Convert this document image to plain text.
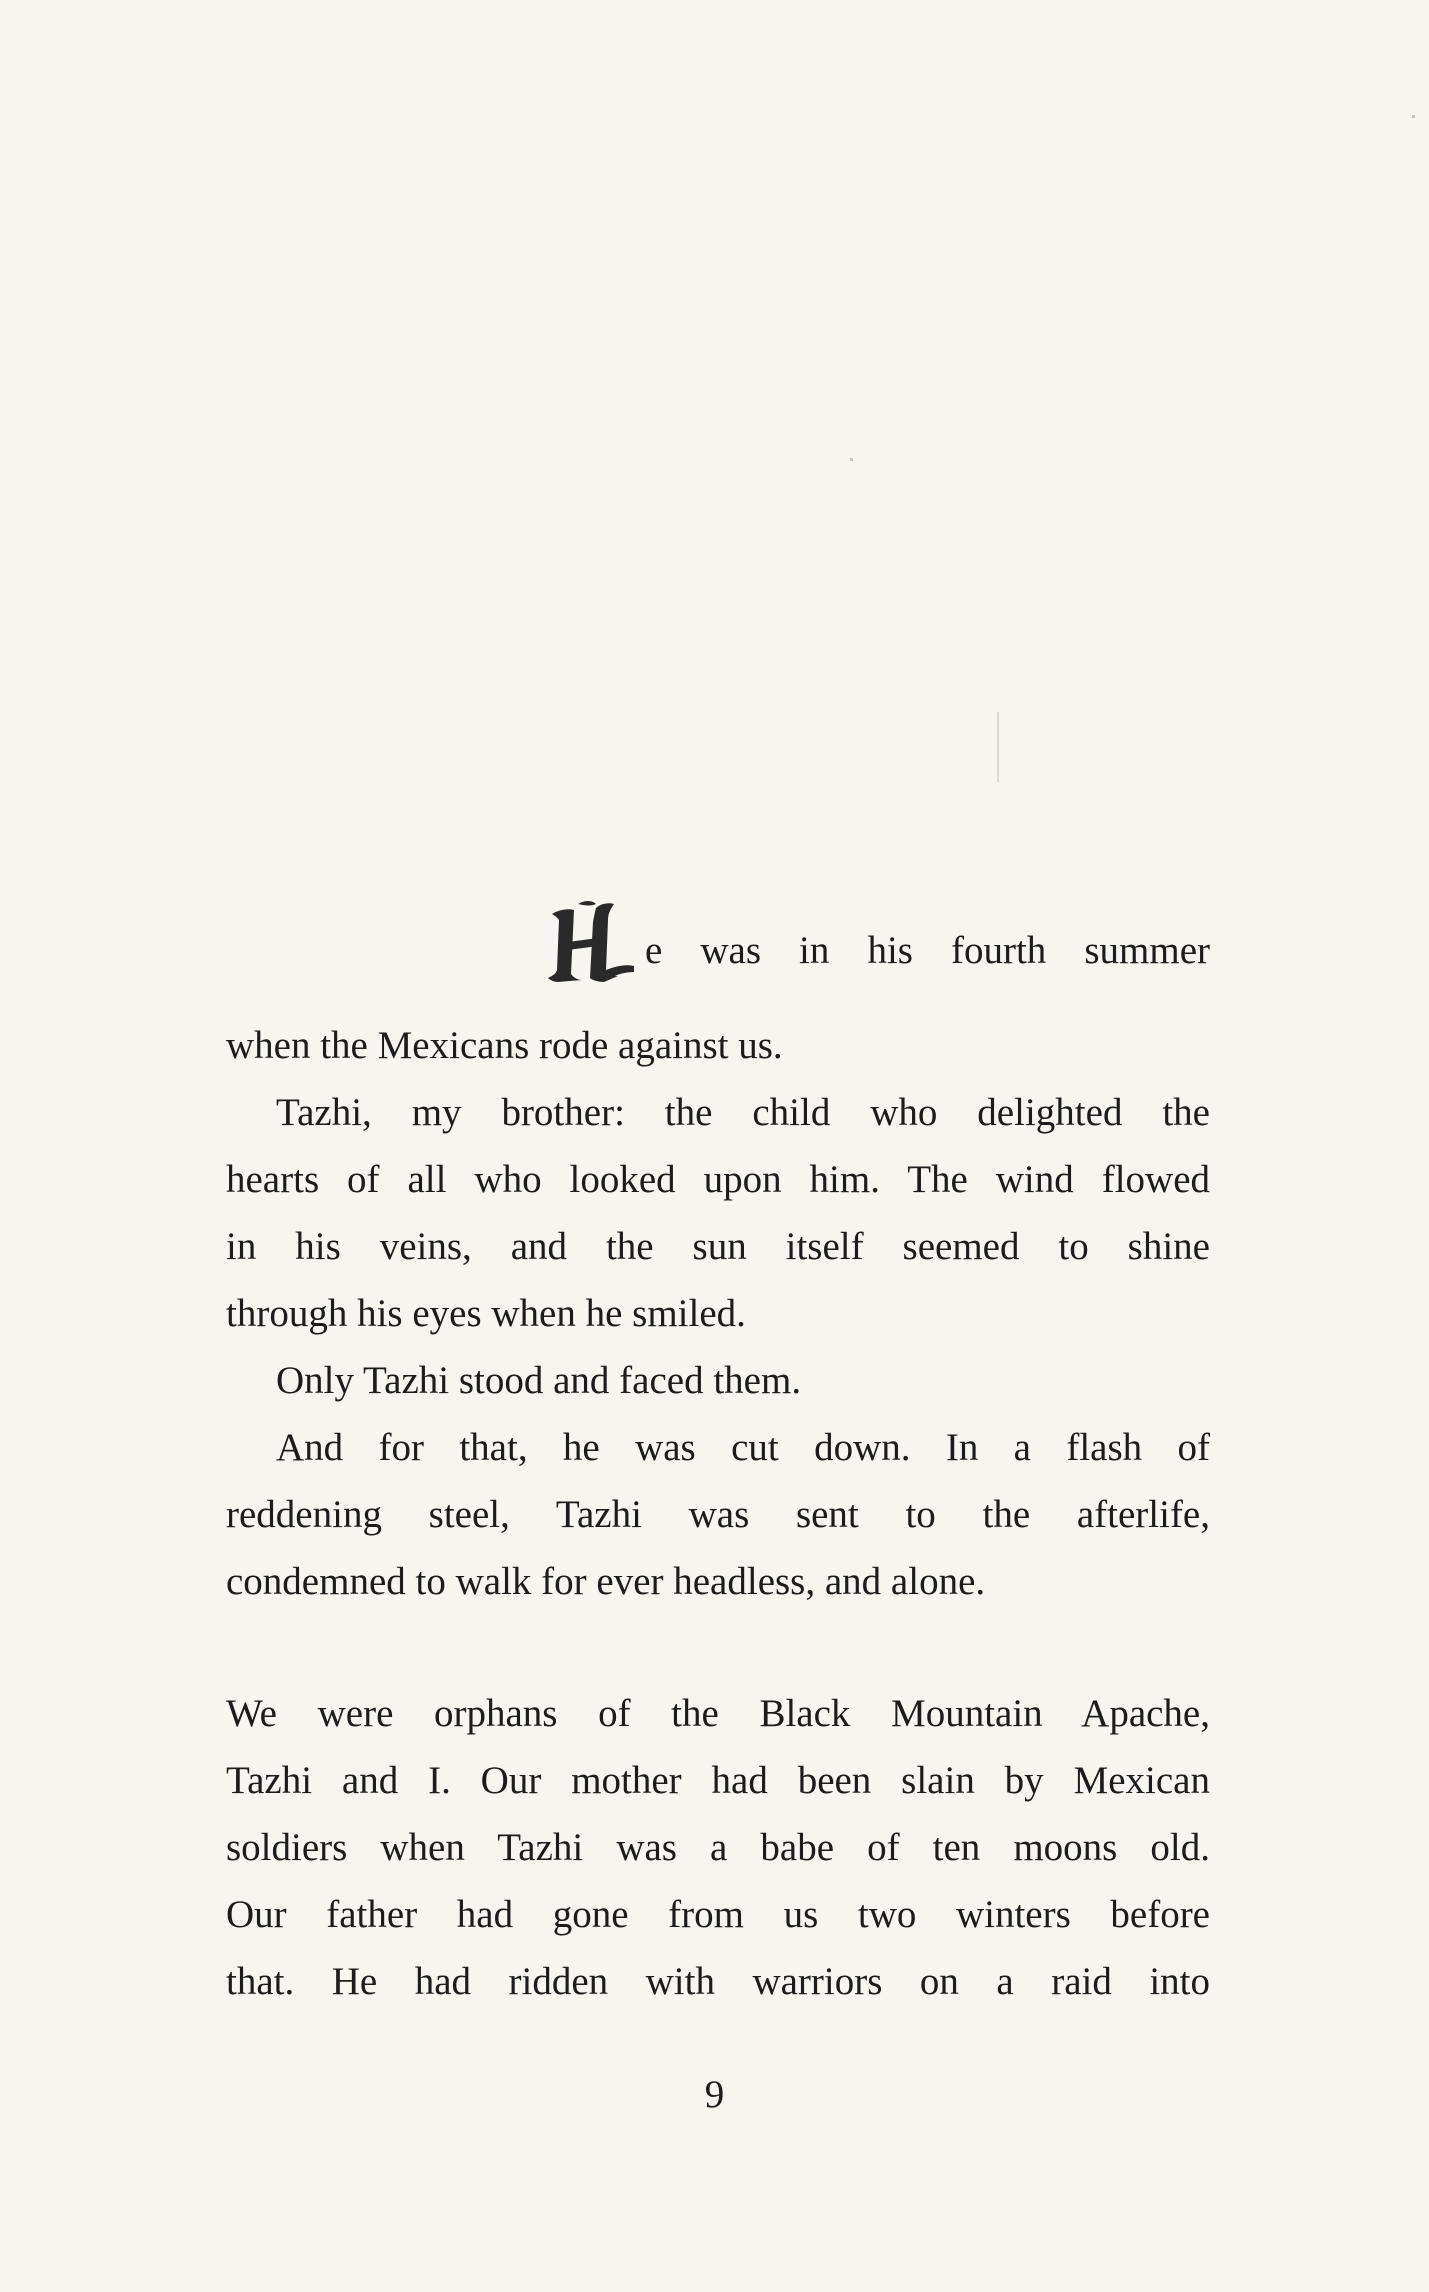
e was in his fourth summer
when the Mexicans rode against us.
Tazhi, my brother: the child who delighted the
hearts of all who looked upon him. The wind flowed
in his veins, and the sun itself seemed to shine
through his eyes when he smiled.
Only Tazhi stood and faced them.
And for that, he was cut down. In a flash of
reddening steel, Tazhi was sent to the afterlife,
condemned to walk for ever headless, and alone.
We were orphans of the Black Mountain Apache,
Tazhi and I. Our mother had been slain by Mexican
soldiers when Tazhi was a babe of ten moons old.
Our father had gone from us two winters before
that. He had ridden with warriors on a raid into
9
